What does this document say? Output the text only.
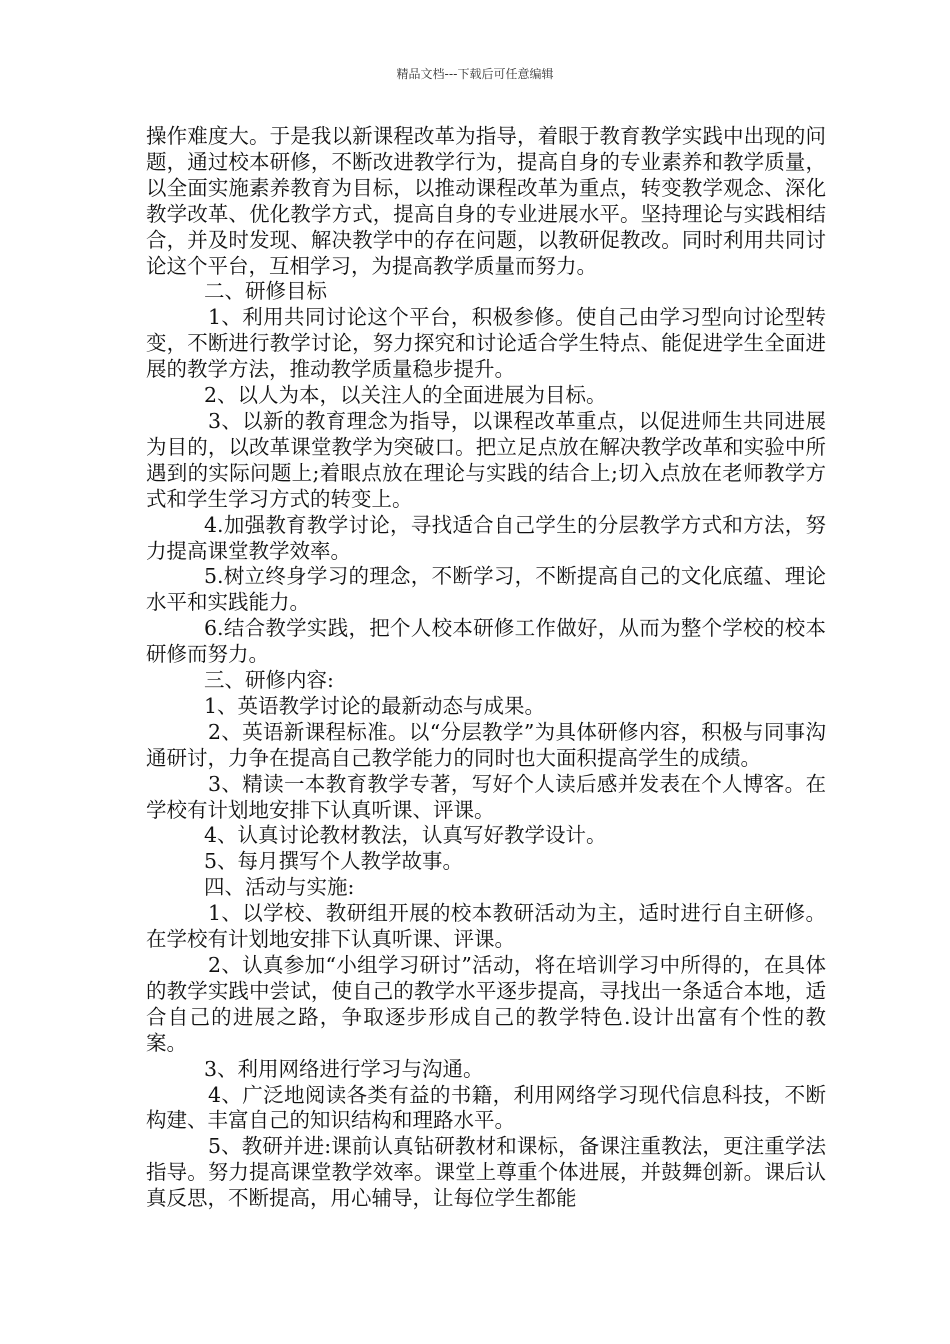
精品文档---下载后可任意编辑

操作难度大。于是我以新课程改革为指导，着眼于教育教学实践中出现的问题，通过校本研修，不断改进教学行为，提高自身的专业素养和教学质量，以全面实施素养教育为目标，以推动课程改革为重点，转变教学观念、深化教学改革、优化教学方式，提高自身的专业进展水平。坚持理论与实践相结合，并及时发现、解决教学中的存在问题，以教研促教改。同时利用共同讨论这个平台，互相学习，为提高教学质量而努力。

二、研修目标

1、利用共同讨论这个平台，积极参修。使自己由学习型向讨论型转变，不断进行教学讨论，努力探究和讨论适合学生特点、能促进学生全面进展的教学方法，推动教学质量稳步提升。

2、以人为本，以关注人的全面进展为目标。

3、以新的教育理念为指导，以课程改革重点，以促进师生共同进展为目的，以改革课堂教学为突破口。把立足点放在解决教学改革和实验中所遇到的实际问题上;着眼点放在理论与实践的结合上;切入点放在老师教学方式和学生学习方式的转变上。

4.加强教育教学讨论，寻找适合自己学生的分层教学方式和方法，努力提高课堂教学效率。

5.树立终身学习的理念，不断学习，不断提高自己的文化底蕴、理论水平和实践能力。

6.结合教学实践，把个人校本研修工作做好，从而为整个学校的校本研修而努力。

三、研修内容:

1、英语教学讨论的最新动态与成果。

2、英语新课程标准。以“分层教学”为具体研修内容，积极与同事沟通研讨，力争在提高自己教学能力的同时也大面积提高学生的成绩。

3、精读一本教育教学专著，写好个人读后感并发表在个人博客。在学校有计划地安排下认真听课、评课。

4、认真讨论教材教法，认真写好教学设计。

5、每月撰写个人教学故事。

四、活动与实施:

1、以学校、教研组开展的校本教研活动为主，适时进行自主研修。在学校有计划地安排下认真听课、评课。

2、认真参加“小组学习研讨”活动，将在培训学习中所得的，在具体的教学实践中尝试，使自己的教学水平逐步提高，寻找出一条适合本地，适合自己的进展之路，争取逐步形成自己的教学特色.设计出富有个性的教案。

3、利用网络进行学习与沟通。

4、广泛地阅读各类有益的书籍，利用网络学习现代信息科技，不断构建、丰富自己的知识结构和理路水平。

5、教研并进:课前认真钻研教材和课标，备课注重教法，更注重学法指导。努力提高课堂教学效率。课堂上尊重个体进展，并鼓舞创新。课后认真反思，不断提高，用心辅导，让每位学生都能
